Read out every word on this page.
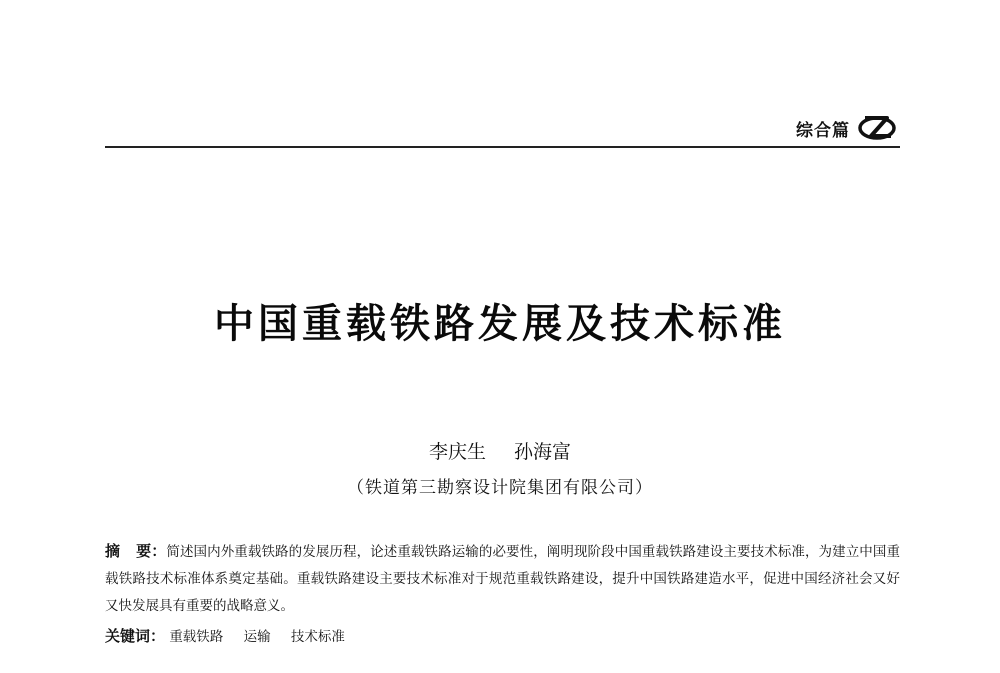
综合篇
中国重载铁路发展及技术标准
李庆生 孙海富
（铁道第三勘察设计院集团有限公司）
摘 要：简述国内外重载铁路的发展历程，论述重载铁路运输的必要性，阐明现阶段中国重载铁路建设主要技术标准，为建立中国重载铁路技术标准体系奠定基础。重载铁路建设主要技术标准对于规范重载铁路建设，提升中国铁路建造水平，促进中国经济社会又好又快发展具有重要的战略意义。
关键词： 重载铁路 运输 技术标准
